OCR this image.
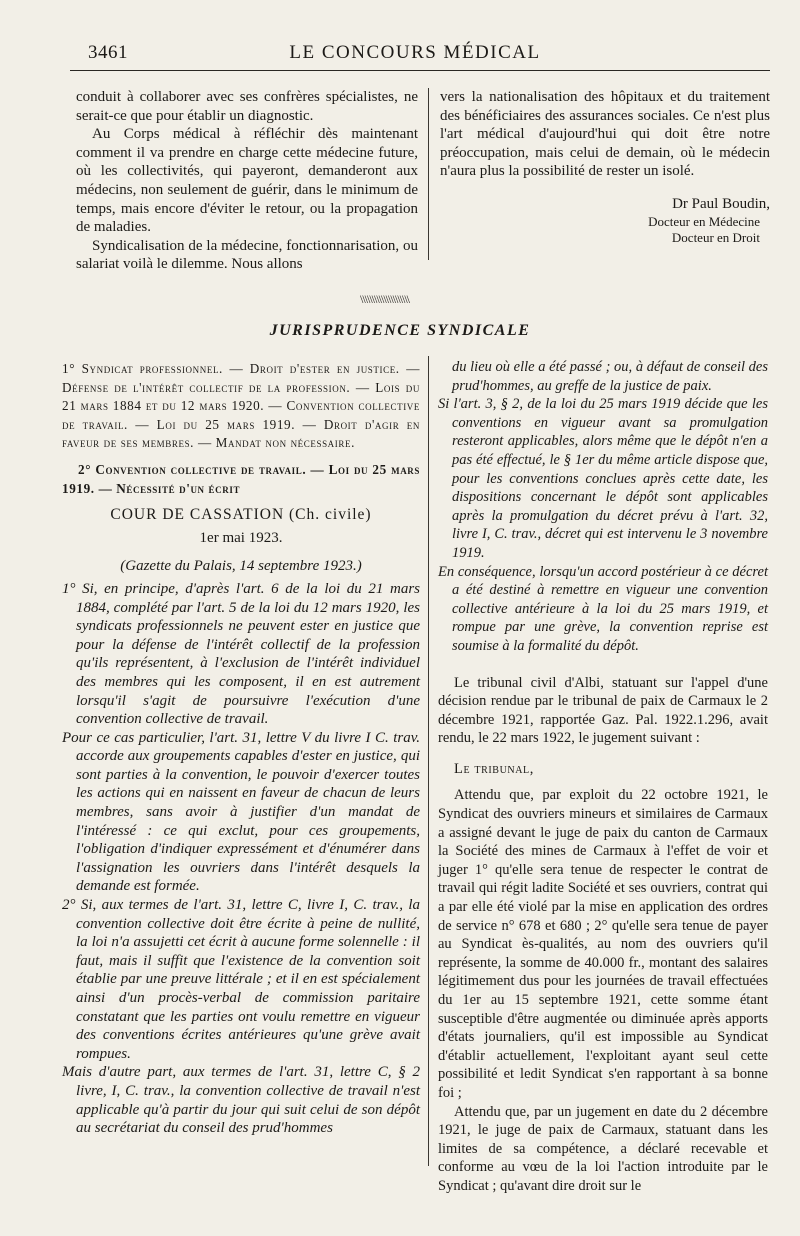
3461	LE CONCOURS MÉDICAL

conduit à collaborer avec ses confrères spécialistes, ne serait-ce que pour établir un diagnostic.

Au Corps médical à réfléchir dès maintenant comment il va prendre en charge cette médecine future, où les collectivités, qui payeront, demanderont aux médecins, non seulement de guérir, dans le minimum de temps, mais encore d'éviter le retour, ou la propagation de maladies.

Syndicalisation de la médecine, fonctionnarisation, ou salariat voilà le dilemme. Nous allons

vers la nationalisation des hôpitaux et du traitement des bénéficiaires des assurances sociales. Ce n'est plus l'art médical d'aujourd'hui qui doit être notre préoccupation, mais celui de demain, où le médecin n'aura plus la possibilité de rester un isolé.

Dr Paul Boudin,
Docteur en Médecine
Docteur en Droit
\\\\\\\\\\\\\\\\\\\\\
JURISPRUDENCE SYNDICALE

1° Syndicat professionnel. — Droit d'ester en justice. — Défense de l'intérêt collectif de la profession. — Lois du 21 mars 1884 et du 12 mars 1920. — Convention collective de travail. — Loi du 25 mars 1919. — Droit d'agir en faveur de ses membres. — Mandat non nécessaire.

2° Convention collective de travail. — Loi du 25 mars 1919. — Nécessité d'un écrit

COUR DE CASSATION (Ch. civile)
1er mai 1923.
(Gazette du Palais, 14 septembre 1923.)

1° Si, en principe, d'après l'art. 6 de la loi du 21 mars 1884, complété par l'art. 5 de la loi du 12 mars 1920, les syndicats professionnels ne peuvent ester en justice que pour la défense de l'intérêt collectif de la profession qu'ils représentent, à l'exclusion de l'intérêt individuel des membres qui les composent, il en est autrement lorsqu'il s'agit de poursuivre l'exécution d'une convention collective de travail.

Pour ce cas particulier, l'art. 31, lettre V du livre I C. trav. accorde aux groupements capables d'ester en justice, qui sont parties à la convention, le pouvoir d'exercer toutes les actions qui en naissent en faveur de chacun de leurs membres, sans avoir à justifier d'un mandat de l'intéressé : ce qui exclut, pour ces groupements, l'obligation d'indiquer expressément et d'énumérer dans l'assignation les ouvriers dans l'intérêt desquels la demande est formée.

2° Si, aux termes de l'art. 31, lettre C, livre I, C. trav., la convention collective doit être écrite à peine de nullité, la loi n'a assujetti cet écrit à aucune forme solennelle : il faut, mais il suffit que l'existence de la convention soit établie par une preuve littérale ; et il en est spécialement ainsi d'un procès-verbal de commission paritaire constatant que les parties ont voulu remettre en vigueur des conventions écrites antérieures qu'une grève avait rompues.

Mais d'autre part, aux termes de l'art. 31, lettre C, § 2 livre, I, C. trav., la convention collective de travail n'est applicable qu'à partir du jour qui suit celui de son dépôt au secrétariat du conseil des prud'hommes

du lieu où elle a été passé ; ou, à défaut de conseil des prud'hommes, au greffe de la justice de paix.

Si l'art. 3, § 2, de la loi du 25 mars 1919 décide que les conventions en vigueur avant sa promulgation resteront applicables, alors même que le dépôt n'en a pas été effectué, le § 1er du même article dispose que, pour les conventions conclues après cette date, les dispositions concernant le dépôt sont applicables après la promulgation du décret prévu à l'art. 32, livre I, C. trav., décret qui est intervenu le 3 novembre 1919.

En conséquence, lorsqu'un accord postérieur à ce décret a été destiné à remettre en vigueur une convention collective antérieure à la loi du 25 mars 1919, et rompue par une grève, la convention reprise est soumise à la formalité du dépôt.

Le tribunal civil d'Albi, statuant sur l'appel d'une décision rendue par le tribunal de paix de Carmaux le 2 décembre 1921, rapportée Gaz. Pal. 1922.1.296, avait rendu, le 22 mars 1922, le jugement suivant :

Le tribunal,

Attendu que, par exploit du 22 octobre 1921, le Syndicat des ouvriers mineurs et similaires de Carmaux a assigné devant le juge de paix du canton de Carmaux la Société des mines de Carmaux à l'effet de voir et juger 1° qu'elle sera tenue de respecter le contrat de travail qui régit ladite Société et ses ouvriers, contrat qui a par elle été violé par la mise en application des ordres de service n° 678 et 680 ; 2° qu'elle sera tenue de payer au Syndicat ès-qualités, au nom des ouvriers qu'il représente, la somme de 40.000 fr., montant des salaires légitimement dus pour les journées de travail effectuées du 1er au 15 septembre 1921, cette somme étant susceptible d'être augmentée ou diminuée après apports d'états journaliers, qu'il est impossible au Syndicat d'établir actuellement, l'exploitant ayant seul cette possibilité et ledit Syndicat s'en rapportant à sa bonne foi ;

Attendu que, par un jugement en date du 2 décembre 1921, le juge de paix de Carmaux, statuant dans les limites de sa compétence, a déclaré recevable et conforme au vœu de la loi l'action introduite par le Syndicat ; qu'avant dire droit sur le
